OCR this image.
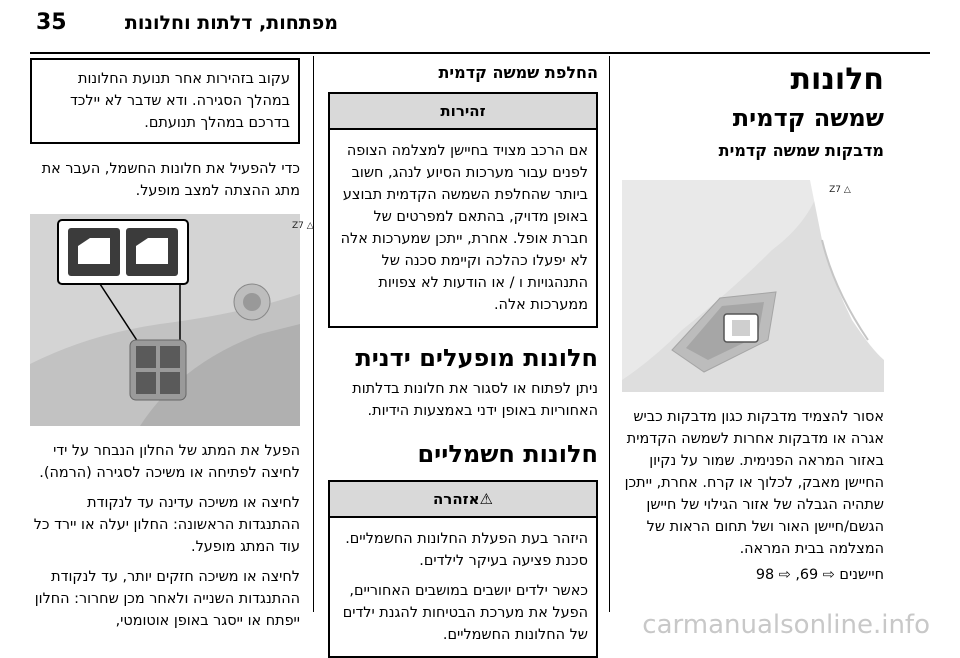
35	מפתחות, דלתות וחלונות
חלונות
שמשה קדמית
מדבקות שמשה קדמית
△ Z7

אסור להצמיד מדבקות כגון מדבקות כביש אגרה או מדבקות אחרות לשמשה הקדמית באזור המראה הפנימית. שמור על נקיון החיישן מאבק, לכלוך או קרח. אחרת, ייתכן שתהיה הגבלה של אזור הגילוי של חיישן הגשם/חיישן האור ושל תחום הראות של המצלמה בבית המראה.

חיישנים ⇨ 69, ⇨ 98

החלפת שמשה קדמית
זהירות

אם הרכב מצויד בחיישן למצלמה הצופה לפנים עבור מערכות הסיוע לנהג, חשוב ביותר שהחלפת השמשה הקדמית תבוצע באופן מדויק, בהתאם למפרטים של חברת אופל. אחרת, ייתכן שמערכות אלה לא יפעלו כהלכה וקיימת סכנה של התנהגויות ו / או הודעות לא צפויות ממערכות אלה.

חלונות מופעלים ידנית

ניתן לפתוח או לסגור את חלונות בדלתות האחוריות באופן ידני באמצעות הידיות.

חלונות חשמליים
⚠אזהרה

היזהר בעת הפעלת החלונות החשמליים. סכנת פציעה בעיקר לילדים.

כאשר ילדים יושבים במושבים האחוריים, הפעל את מערכת הבטיחות להגנת ילדים של החלונות החשמליים.

עקוב בזהירות אחר תנועת החלונות במהלך הסגירה. ודא שדבר לא יילכד בדרכם במהלך תנועתם.

כדי להפעיל את חלונות החשמל, העבר את מתג ההצתה למצב מופעל.

△ Z7

הפעל את המתג של החלון הנבחר על ידי לחיצה לפתיחה או משיכה לסגירה (הרמה).

לחיצה או משיכה עדינה עד לנקודת ההתנגדות הראשונה: החלון יעלה או יירד כל עוד המתג מופעל.

לחיצה או משיכה חזקים יותר, עד לנקודת ההתנגדות השנייה ולאחר מכן שחרור: החלון ייפתח או ייסגר באופן אוטומטי,	carmanualsonline.info
